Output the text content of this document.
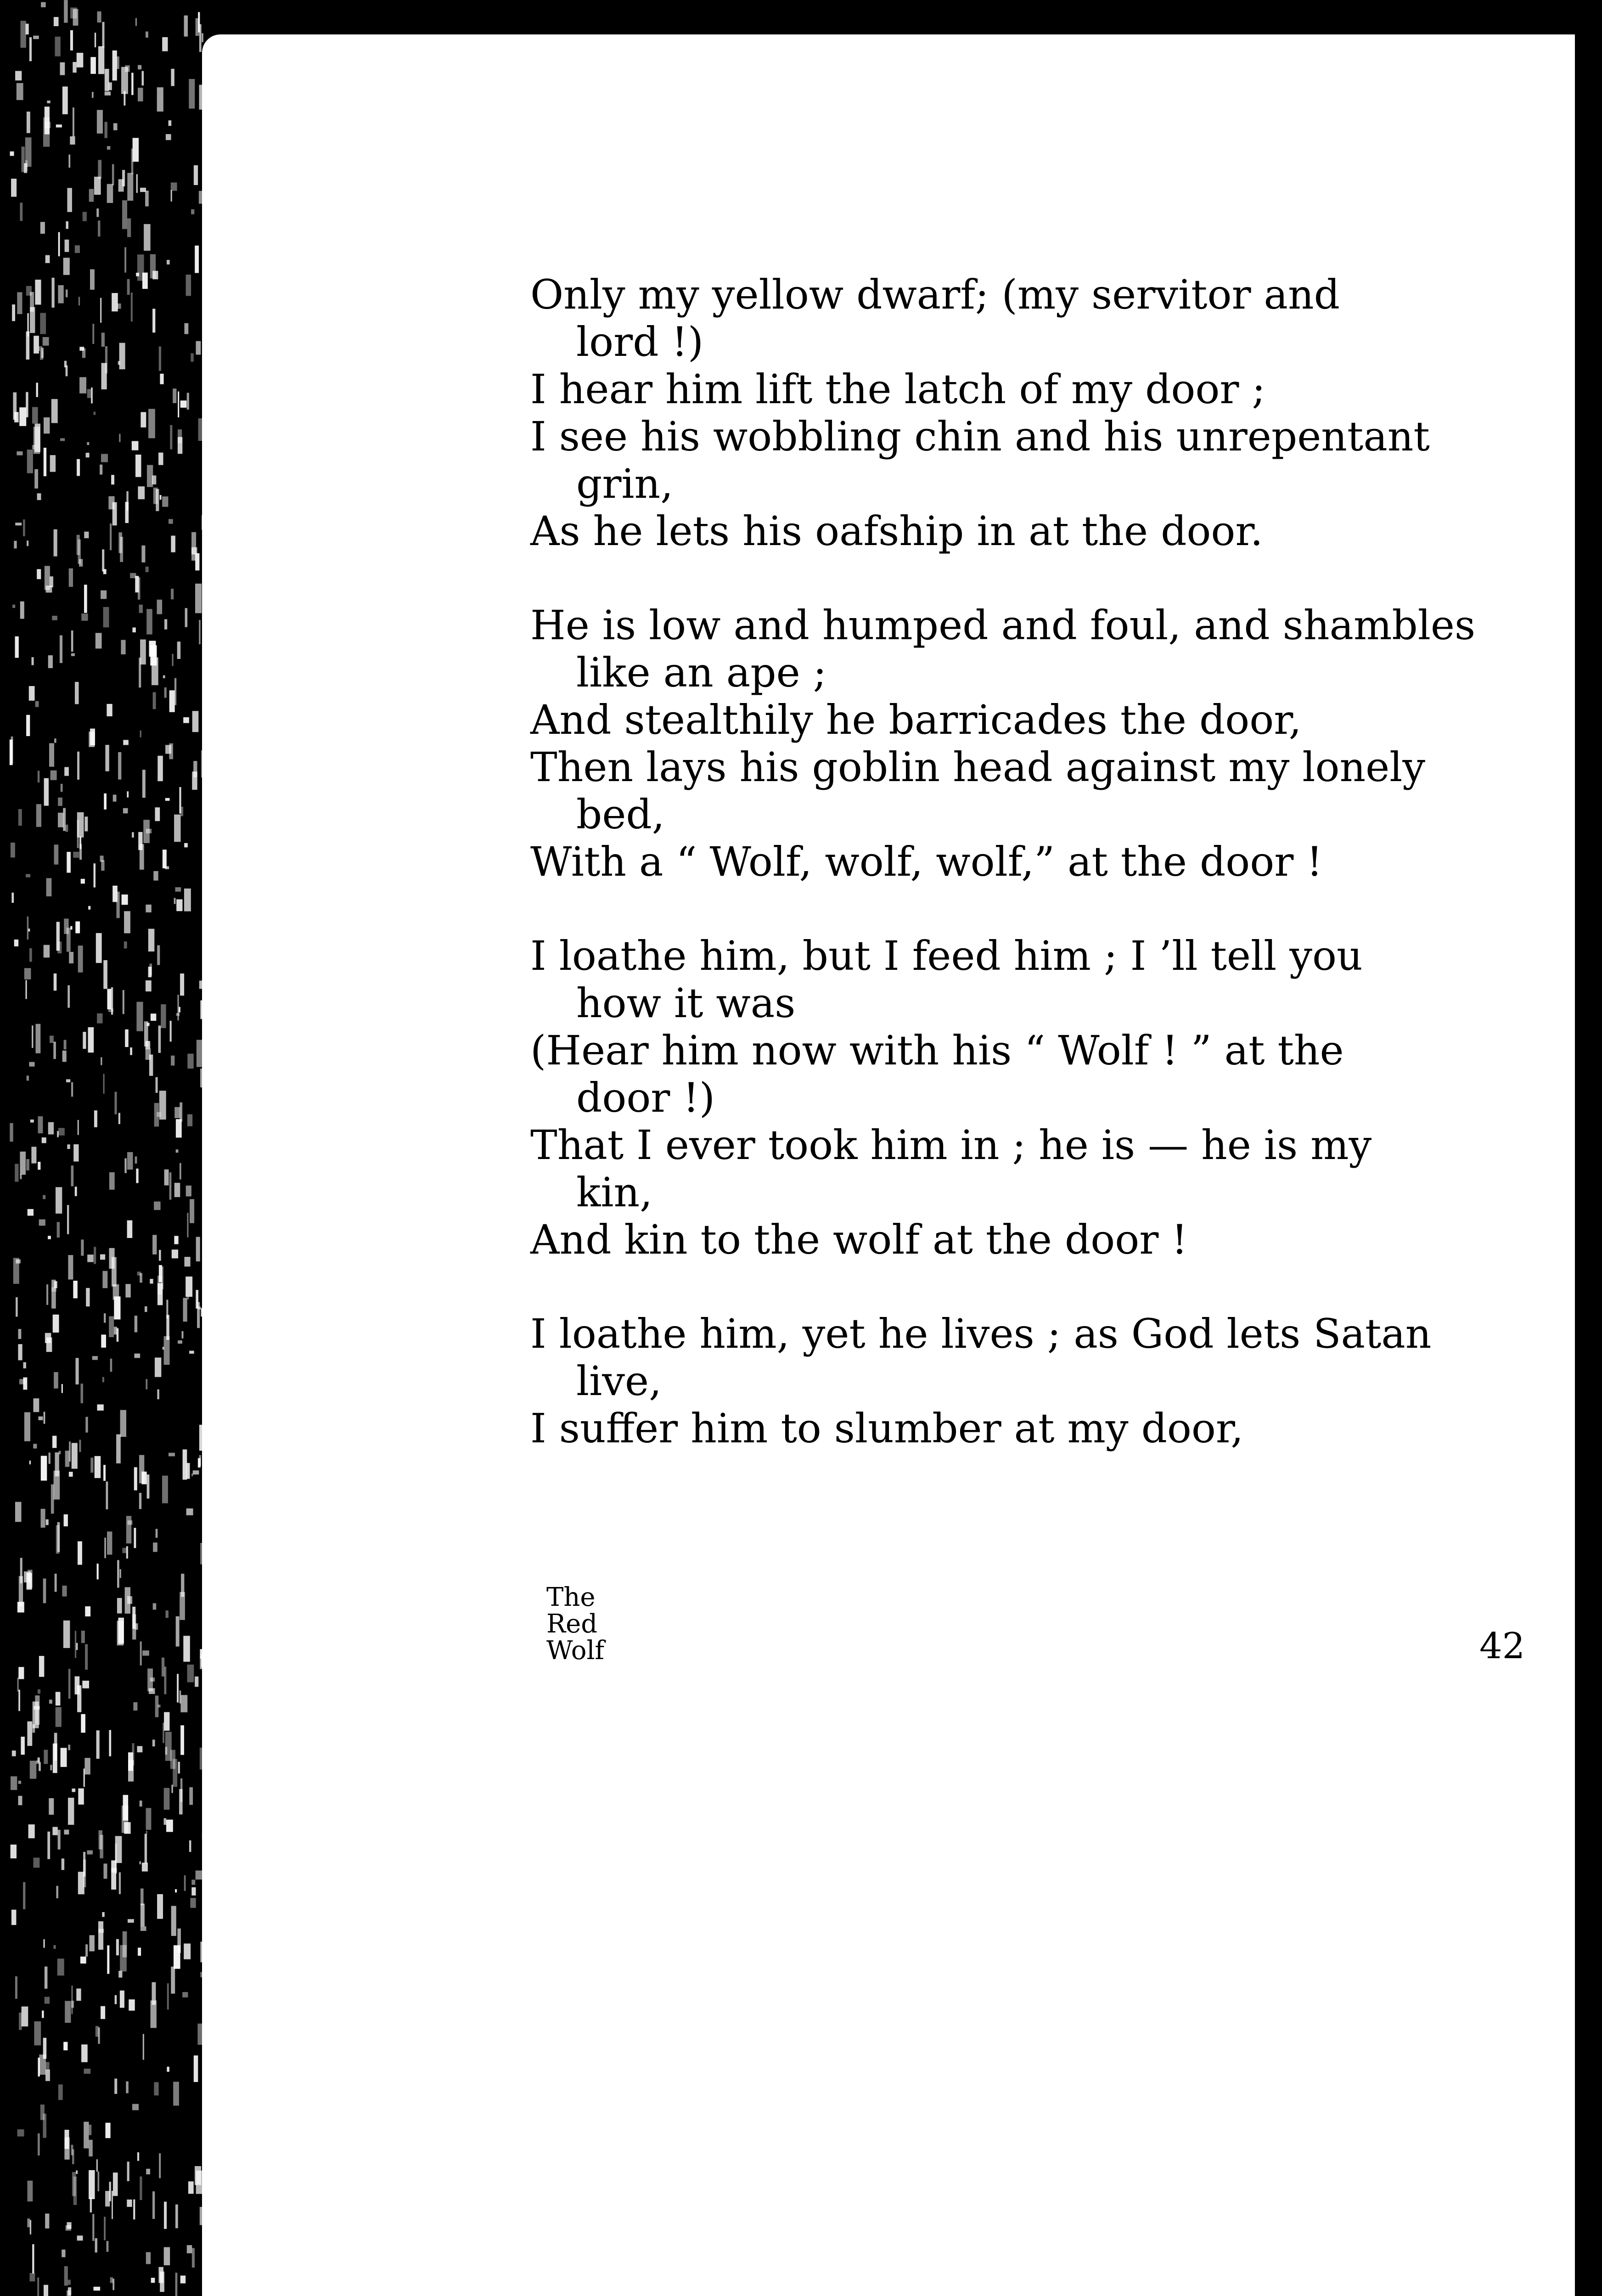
Only my yellow dwarf; (my servitor and
lord !)
I hear him lift the latch of my door ;
I see his wobbling chin and his unrepentant
grin,
As he lets his oafship in at the door.
He is low and humped and foul, and shambles
like an ape ;
And stealthily he barricades the door,
Then lays his goblin head against my lonely
bed,
With a “ Wolf, wolf, wolf,” at the door !
I loathe him, but I feed him ; I ’ll tell you
how it was
(Hear him now with his “ Wolf ! ” at the
door !)
That I ever took him in ; he is — he is my
kin,
And kin to the wolf at the door !
I loathe him, yet he lives ; as God lets Satan
live,
I suffer him to slumber at my door,
The
Red
Wolf	42
